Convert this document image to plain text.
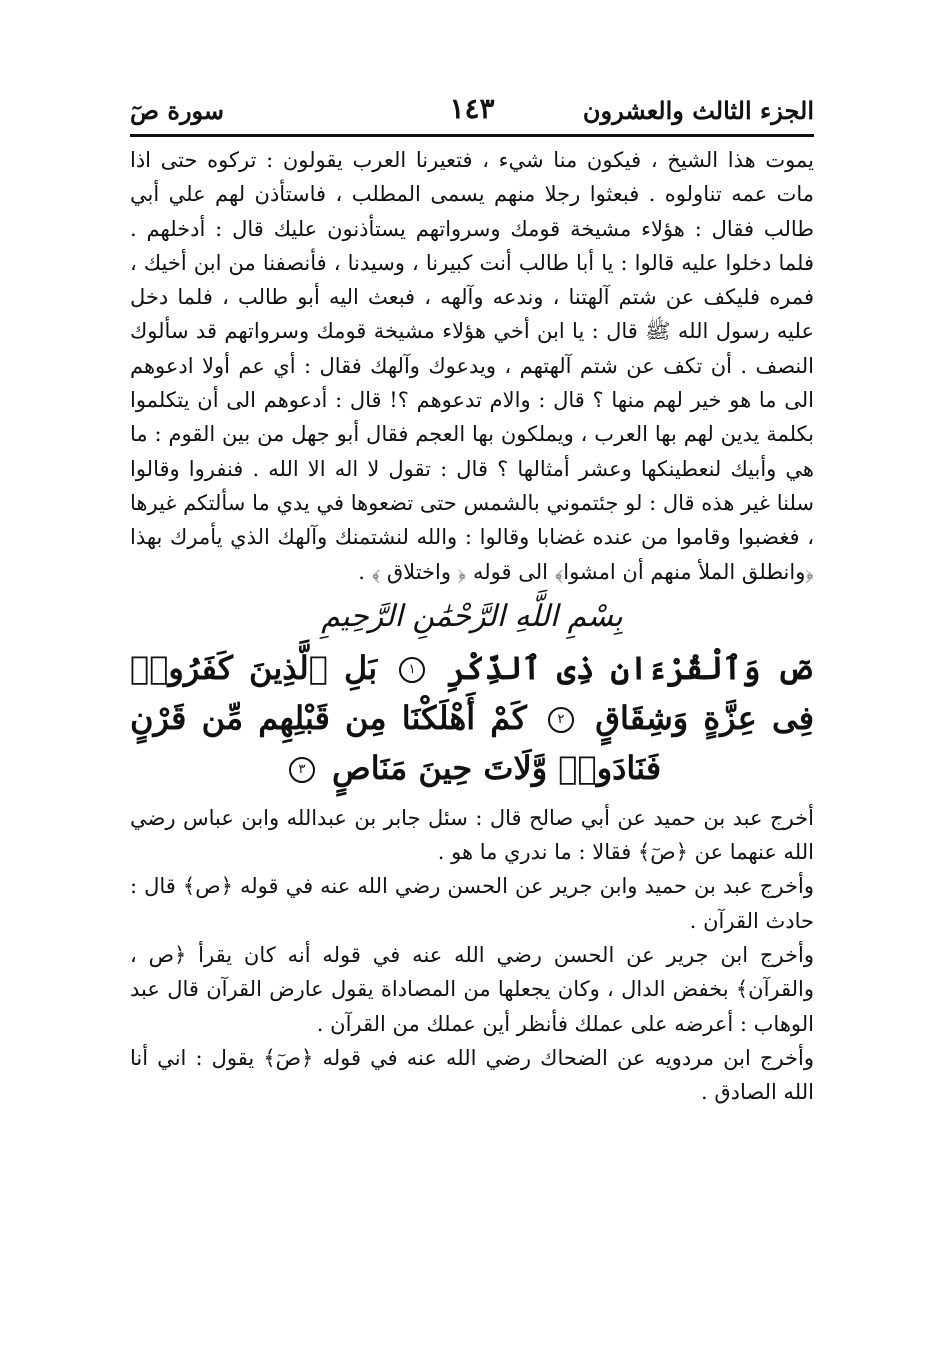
الجزء الثالث والعشرون
١٤٣
سورة صٓ

يموت هذا الشيخ ، فيكون منا شيء ، فتعيرنا العرب يقولون : تركوه حتى اذا مات عمه تناولوه . فبعثوا رجلا منهم يسمى المطلب ، فاستأذن لهم علي أبي طالب فقال : هؤلاء مشيخة قومك وسرواتهم يستأذنون عليك قال : أدخلهم . فلما دخلوا عليه قالوا : يا أبا طالب أنت كبيرنا ، وسيدنا ، فأنصفنا من ابن أخيك ، فمره فليكف عن شتم آلهتنا ، وندعه وآلهه ، فبعث اليه أبو طالب ، فلما دخل عليه رسول الله ﷺ قال : يا ابن أخي هؤلاء مشيخة قومك وسرواتهم قد سألوك النصف . أن تكف عن شتم آلهتهم ، ويدعوك وآلهك فقال : أي عم أولا ادعوهم الى ما هو خير لهم منها ؟ قال : والام تدعوهم ؟! قال : أدعوهم الى أن يتكلموا بكلمة يدين لهم بها العرب ، ويملكون بها العجم فقال أبو جهل من بين القوم : ما هي وأبيك لنعطينكها وعشر أمثالها ؟ قال : تقول لا اله الا الله . فنفروا وقالوا سلنا غير هذه قال : لو جئتموني بالشمس حتى تضعوها في يدي ما سألتكم غيرها ، فغضبوا وقاموا من عنده غضابا وقالوا : والله لنشتمنك وآلهك الذي يأمرك بهذا ﴿وانطلق الملأ منهم أن امشوا﴾ الى قوله ﴿ واختلاق ﴾ .

بِسْمِ اللَّهِ الرَّحْمَٰنِ الرَّحِيمِ
صٓ وَٱلْقُرْءَانِ ذِى ٱلذِّكْرِ ١ بَلِ ٱلَّذِينَ كَفَرُوا۟ فِى عِزَّةٍ وَشِقَاقٍ ٢ كَمْ أَهْلَكْنَا مِن قَبْلِهِم مِّن قَرْنٍ فَنَادَوا۟ وَّلَاتَ حِينَ مَنَاصٍ ٣

أخرج عبد بن حميد عن أبي صالح قال : سئل جابر بن عبدالله وابن عباس رضي الله عنهما عن ﴿صٓ﴾ فقالا : ما ندري ما هو .

وأخرج عبد بن حميد وابن جرير عن الحسن رضي الله عنه في قوله ﴿ص﴾ قال : حادث القرآن .

وأخرج ابن جرير عن الحسن رضي الله عنه في قوله أنه كان يقرأ ﴿ص ، والقرآن﴾ بخفض الدال ، وكان يجعلها من المصاداة يقول عارض القرآن قال عبد الوهاب : أعرضه على عملك فأنظر أين عملك من القرآن .

وأخرج ابن مردويه عن الضحاك رضي الله عنه في قوله ﴿صٓ﴾ يقول : اني أنا الله الصادق .
